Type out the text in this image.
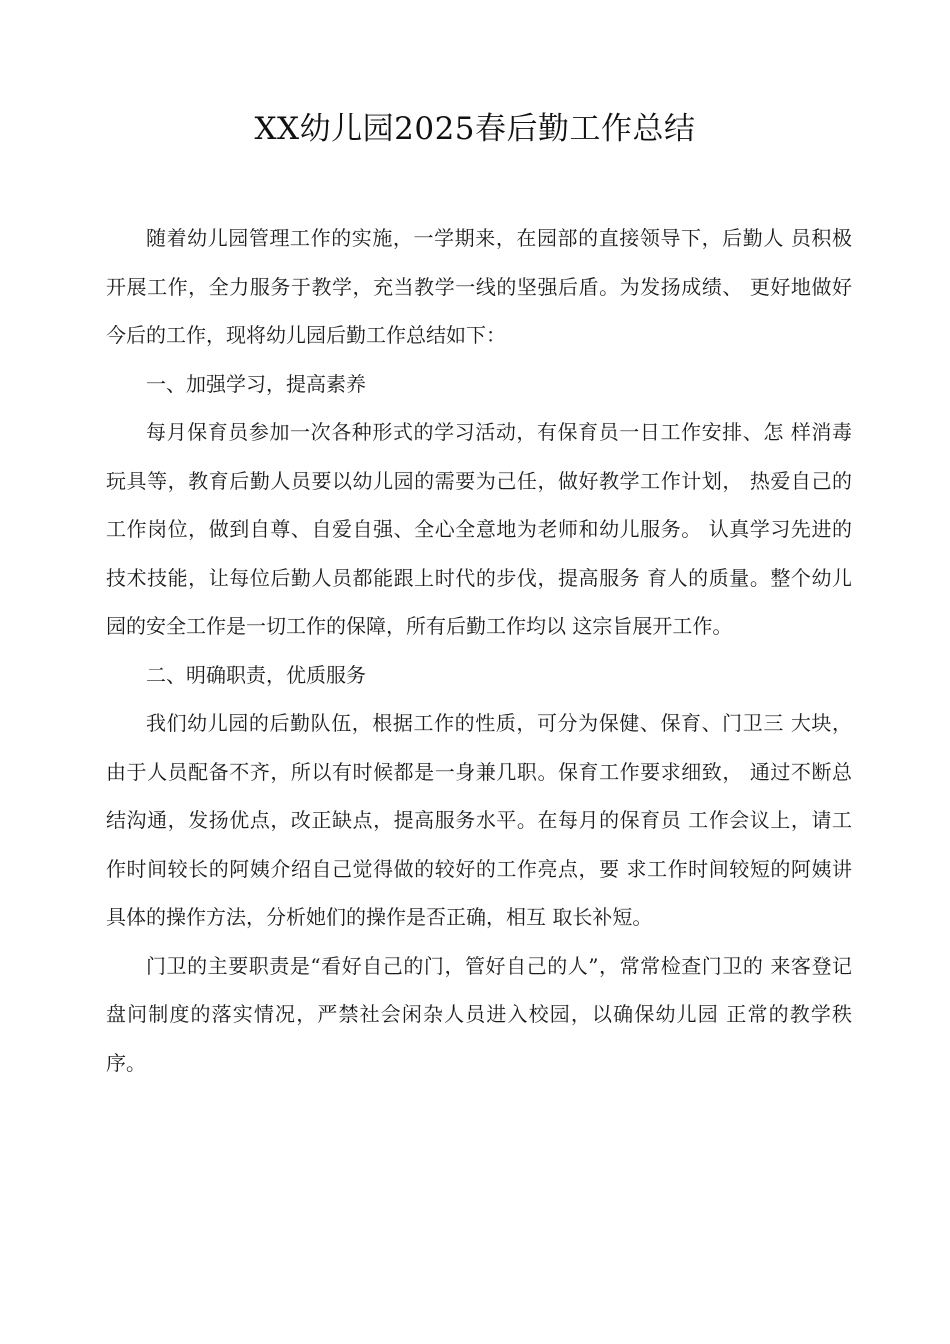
XX幼儿园2025春后勤工作总结

随着幼儿园管理工作的实施，一学期来，在园部的直接领导下，后勤人 员积极开展工作，全力服务于教学，充当教学一线的坚强后盾。为发扬成绩、 更好地做好今后的工作，现将幼儿园后勤工作总结如下：

一、加强学习，提高素养

每月保育员参加一次各种形式的学习活动，有保育员一日工作安排、怎 样消毒玩具等，教育后勤人员要以幼儿园的需要为己任，做好教学工作计划， 热爱自己的工作岗位，做到自尊、自爱自强、全心全意地为老师和幼儿服务。 认真学习先进的技术技能，让每位后勤人员都能跟上时代的步伐，提高服务 育人的质量。整个幼儿园的安全工作是一切工作的保障，所有后勤工作均以 这宗旨展开工作。

二、明确职责，优质服务

我们幼儿园的后勤队伍，根据工作的性质，可分为保健、保育、门卫三 大块，由于人员配备不齐，所以有时候都是一身兼几职。保育工作要求细致， 通过不断总结沟通，发扬优点，改正缺点，提高服务水平。在每月的保育员 工作会议上，请工作时间较长的阿姨介绍自己觉得做的较好的工作亮点，要 求工作时间较短的阿姨讲具体的操作方法，分析她们的操作是否正确，相互 取长补短。

门卫的主要职责是“看好自己的门，管好自己的人”，常常检查门卫的 来客登记盘问制度的落实情况，严禁社会闲杂人员进入校园，以确保幼儿园 正常的教学秩序。
